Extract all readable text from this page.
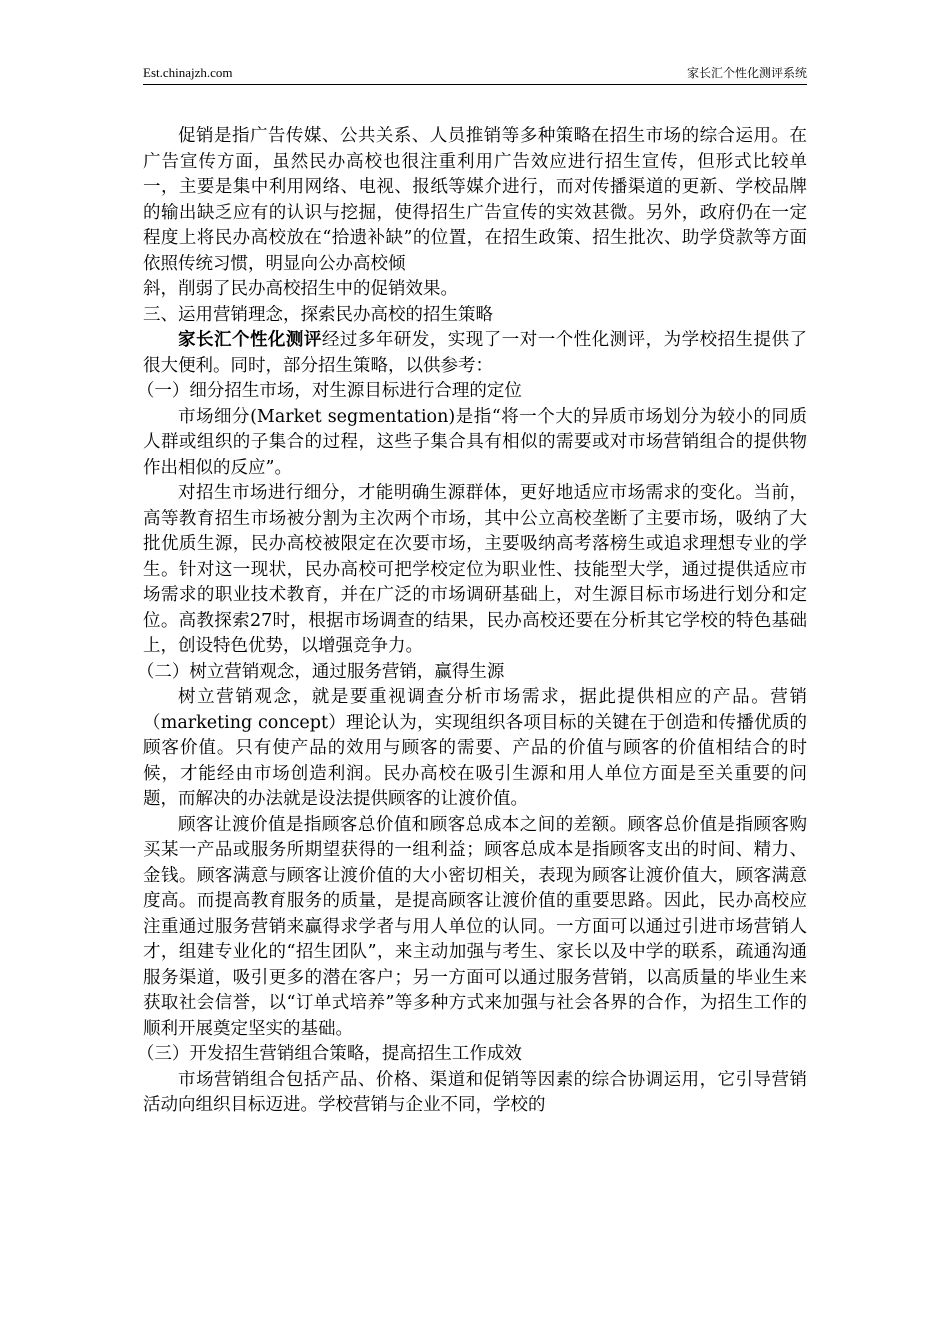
Est.chinajzh.com	家长汇个性化测评系统

促销是指广告传媒、公共关系、人员推销等多种策略在招生市场的综合运用。在广告宣传方面，虽然民办高校也很注重利用广告效应进行招生宣传，但形式比较单一，主要是集中利用网络、电视、报纸等媒介进行，而对传播渠道的更新、学校品牌的输出缺乏应有的认识与挖掘，使得招生广告宣传的实效甚微。另外，政府仍在一定程度上将民办高校放在“拾遗补缺”的位置，在招生政策、招生批次、助学贷款等方面依照传统习惯，明显向公办高校倾

斜，削弱了民办高校招生中的促销效果。

三、运用营销理念，探索民办高校的招生策略

家长汇个性化测评经过多年研发，实现了一对一个性化测评，为学校招生提供了很大便利。同时，部分招生策略，以供参考：

（一）细分招生市场，对生源目标进行合理的定位

市场细分(Market segmentation)是指“将一个大的异质市场划分为较小的同质人群或组织的子集合的过程，这些子集合具有相似的需要或对市场营销组合的提供物作出相似的反应”。

对招生市场进行细分，才能明确生源群体，更好地适应市场需求的变化。当前，高等教育招生市场被分割为主次两个市场，其中公立高校垄断了主要市场，吸纳了大批优质生源，民办高校被限定在次要市场，主要吸纳高考落榜生或追求理想专业的学生。针对这一现状，民办高校可把学校定位为职业性、技能型大学，通过提供适应市场需求的职业技术教育，并在广泛的市场调研基础上，对生源目标市场进行划分和定位。高教探索27时，根据市场调查的结果，民办高校还要在分析其它学校的特色基础上，创设特色优势，以增强竞争力。

（二）树立营销观念，通过服务营销，赢得生源

树立营销观念，就是要重视调查分析市场需求，据此提供相应的产品。营销（marketing concept）理论认为，实现组织各项目标的关键在于创造和传播优质的顾客价值。只有使产品的效用与顾客的需要、产品的价值与顾客的价值相结合的时候，才能经由市场创造利润。民办高校在吸引生源和用人单位方面是至关重要的问题，而解决的办法就是设法提供顾客的让渡价值。

顾客让渡价值是指顾客总价值和顾客总成本之间的差额。顾客总价值是指顾客购买某一产品或服务所期望获得的一组利益；顾客总成本是指顾客支出的时间、精力、金钱。顾客满意与顾客让渡价值的大小密切相关，表现为顾客让渡价值大，顾客满意度高。而提高教育服务的质量，是提高顾客让渡价值的重要思路。因此，民办高校应注重通过服务营销来赢得求学者与用人单位的认同。一方面可以通过引进市场营销人才，组建专业化的“招生团队”，来主动加强与考生、家长以及中学的联系，疏通沟通服务渠道，吸引更多的潜在客户；另一方面可以通过服务营销，以高质量的毕业生来获取社会信誉，以“订单式培养”等多种方式来加强与社会各界的合作，为招生工作的顺利开展奠定坚实的基础。

（三）开发招生营销组合策略，提高招生工作成效

市场营销组合包括产品、价格、渠道和促销等因素的综合协调运用，它引导营销活动向组织目标迈进。学校营销与企业不同，学校的
